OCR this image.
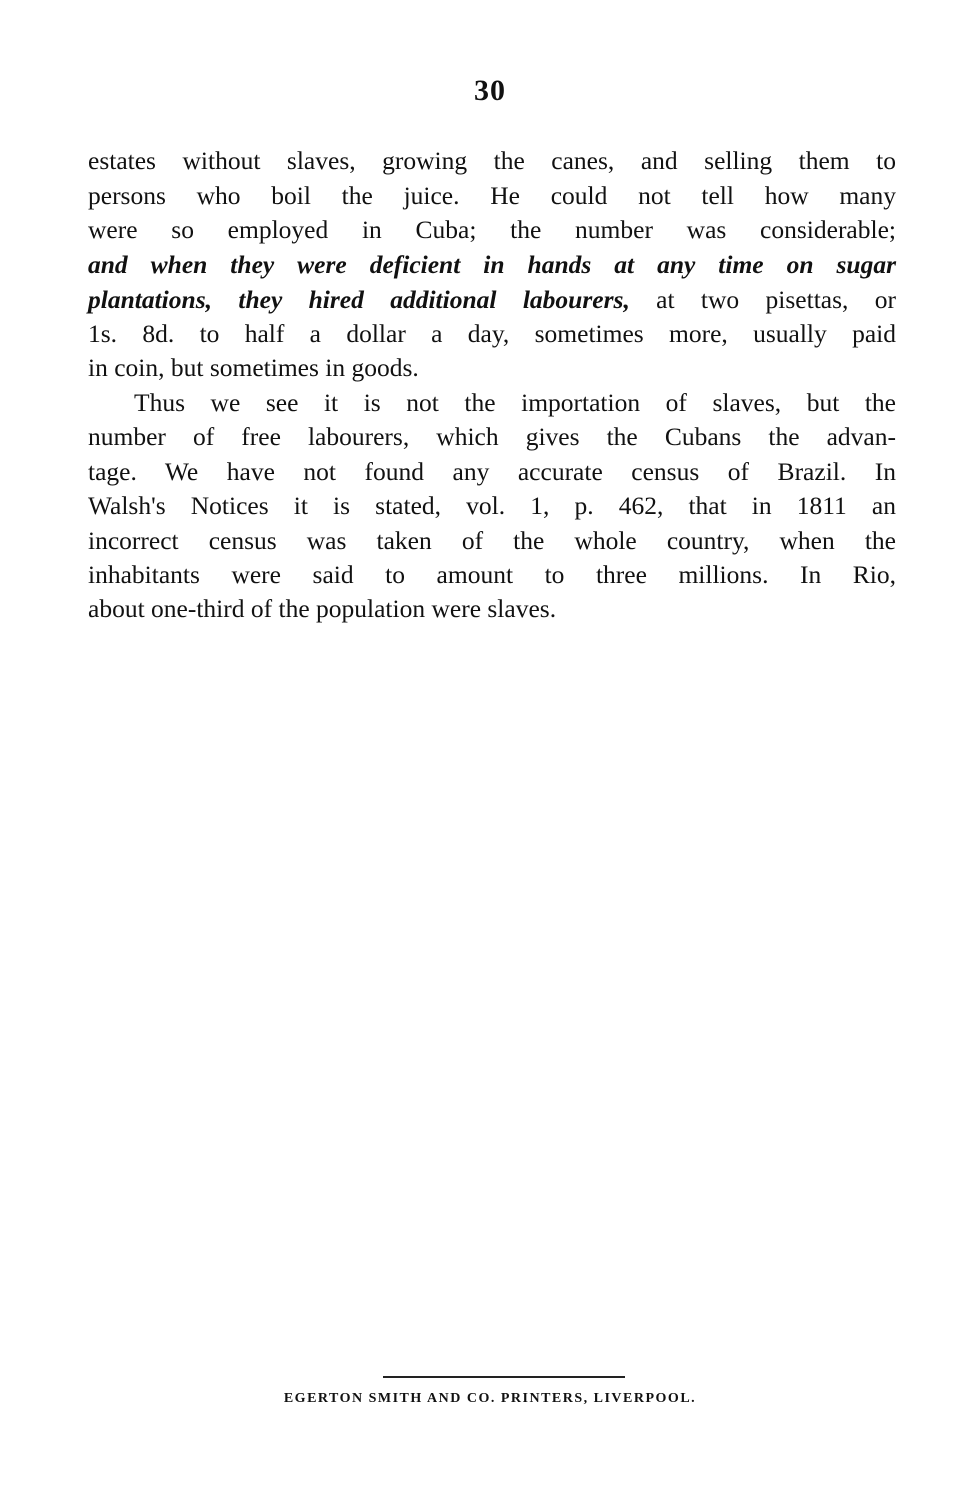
30
estates without slaves, growing the canes, and selling them to
persons who boil the juice. He could not tell how many
were so employed in Cuba; the number was considerable;
and when they were deficient in hands at any time on sugar
plantations, they hired additional labourers, at two pisettas, or
1s. 8d. to half a dollar a day, sometimes more, usually paid
in coin, but sometimes in goods.
Thus we see it is not the importation of slaves, but the
number of free labourers, which gives the Cubans the advan-
tage. We have not found any accurate census of Brazil. In
Walsh's Notices it is stated, vol. 1, p. 462, that in 1811 an
incorrect census was taken of the whole country, when the
inhabitants were said to amount to three millions. In Rio,
about one-third of the population were slaves.
EGERTON SMITH AND CO. PRINTERS, LIVERPOOL.
